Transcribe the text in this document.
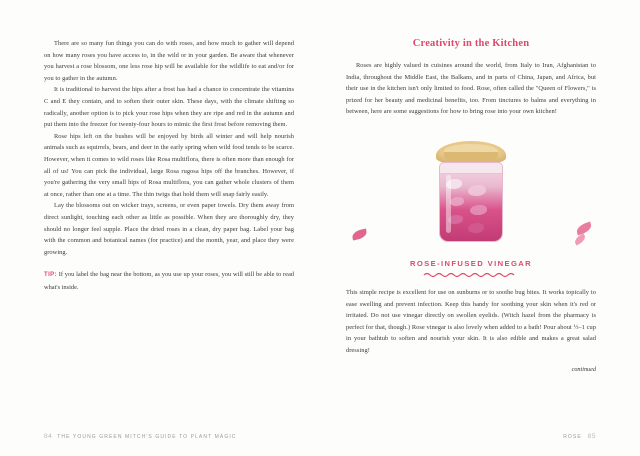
There are so many fun things you can do with roses, and how much to gather will depend on how many roses you have access to, in the wild or in your garden. Be aware that whenever you harvest a rose blossom, one less rose hip will be available for the wildlife to eat and/or for you to gather in the autumn.

It is traditional to harvest the hips after a frost has had a chance to concentrate the vitamins C and E they contain, and to soften their outer skin. These days, with the climate shifting so radically, another option is to pick your rose hips when they are ripe and red in the autumn and put them into the freezer for twenty-four hours to mimic the first frost before removing them.

Rose hips left on the bushes will be enjoyed by birds all winter and will help nourish animals such as squirrels, bears, and deer in the early spring when wild food tends to be scarce. However, when it comes to wild roses like Rosa multiflora, there is often more than enough for all of us! You can pick the individual, large Rosa rugosa hips off the branches. However, if you're gathering the very small hips of Rosa multiflora, you can gather whole clusters of them at once, rather than one at a time. The thin twigs that hold them will snap fairly easily.

Lay the blossoms out on wicker trays, screens, or even paper towels. Dry them away from direct sunlight, touching each other as little as possible. When they are thoroughly dry, they should no longer feel supple. Place the dried roses in a clean, dry paper bag. Label your bag with the common and botanical names (for practice) and the month, year, and place they were growing.

TIP: If you label the bag near the bottom, as you use up your roses, you will still be able to read what's inside.

Creativity in the Kitchen

Roses are highly valued in cuisines around the world, from Italy to Iran, Afghanistan to India, throughout the Middle East, the Balkans, and in parts of China, Japan, and Africa, but their use in the kitchen isn't only limited to food. Rose, often called the "Queen of Flowers," is prized for her beauty and medicinal benefits, too. From tinctures to balms and everything in between, here are some suggestions for how to bring rose into your own kitchen!

ROSE-INFUSED VINEGAR

This simple recipe is excellent for use on sunburns or to soothe bug bites. It works topically to ease swelling and prevent infection. Keep this handy for soothing your skin when it's red or irritated. Do not use vinegar directly on swollen eyelids. (Witch hazel from the pharmacy is perfect for that, though.) Rose vinegar is also lovely when added to a bath! Pour about ½–1 cup in your bathtub to soften and nourish your skin. It is also edible and makes a great salad dressing!

continued

84 THE YOUNG GREEN MITCH'S GUIDE TO PLANT MAGIC	ROSE 85
